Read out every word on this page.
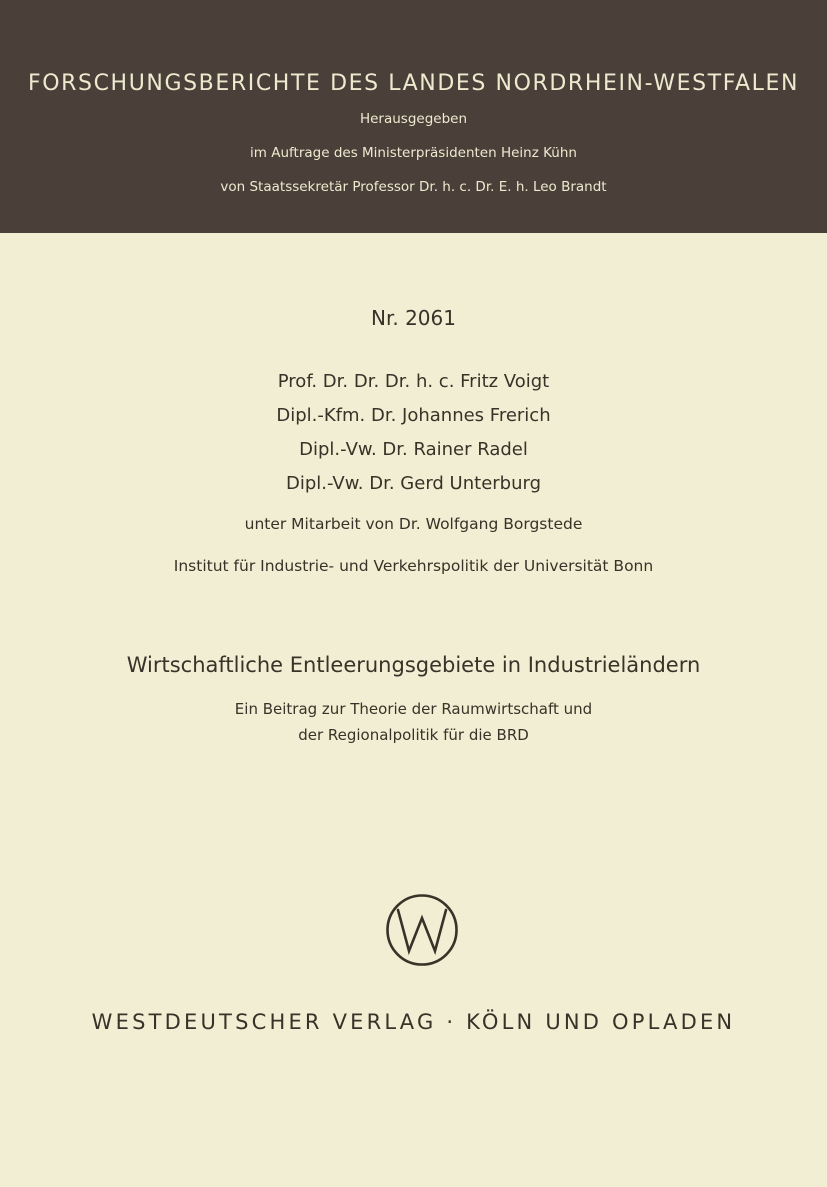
FORSCHUNGSBERICHTE DES LANDES NORDRHEIN-WESTFALEN
Herausgegeben
im Auftrage des Ministerpräsidenten Heinz Kühn
von Staatssekretär Professor Dr. h. c. Dr. E. h. Leo Brandt
Nr. 2061
Prof. Dr. Dr. Dr. h. c. Fritz Voigt
Dipl.-Kfm. Dr. Johannes Frerich
Dipl.-Vw. Dr. Rainer Radel
Dipl.-Vw. Dr. Gerd Unterburg
unter Mitarbeit von Dr. Wolfgang Borgstede
Institut für Industrie- und Verkehrspolitik der Universität Bonn
Wirtschaftliche Entleerungsgebiete in Industrieländern
Ein Beitrag zur Theorie der Raumwirtschaft und
der Regionalpolitik für die BRD
WESTDEUTSCHER VERLAG · KÖLN UND OPLADEN
